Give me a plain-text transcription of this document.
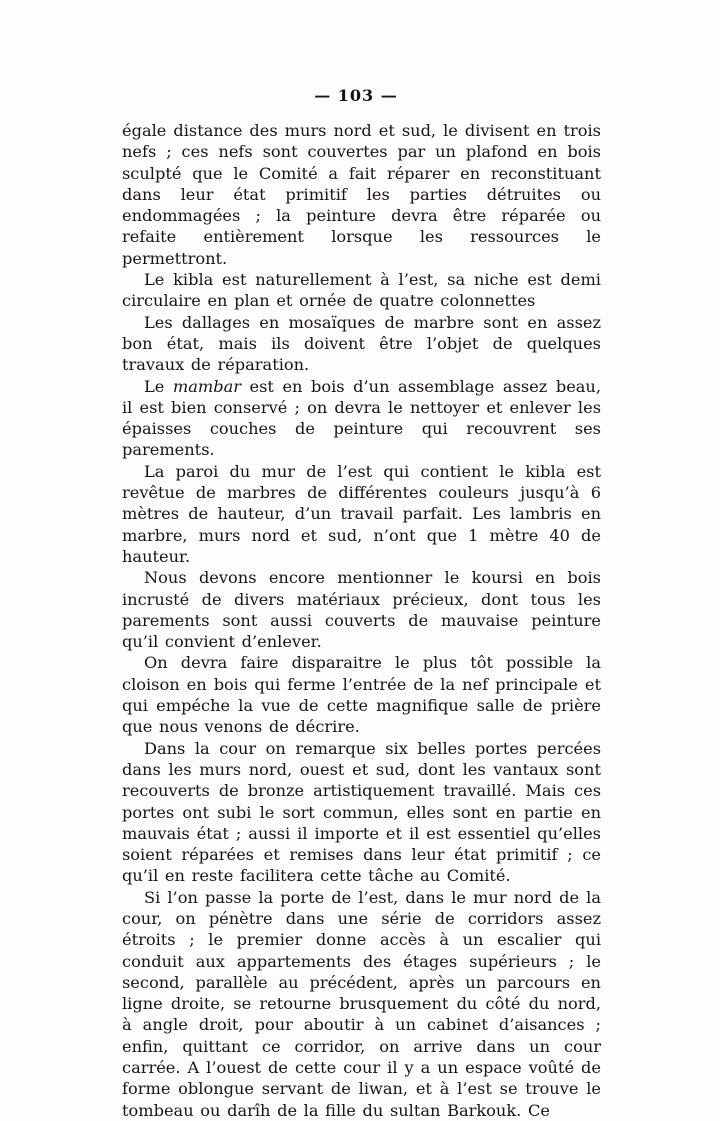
— 103 —

égale distance des murs nord et sud, le divisent en trois nefs ; ces nefs sont couvertes par un plafond en bois sculpté que le Comité a fait réparer en reconstituant dans leur état primitif les parties détruites ou endommagées ; la peinture devra être réparée ou refaite entièrement lorsque les ressources le permettront.

Le kibla est naturellement à l’est, sa niche est demi circulaire en plan et ornée de quatre colonnettes

Les dallages en mosaïques de marbre sont en assez bon état, mais ils doivent être l’objet de quelques travaux de réparation.

Le mambar est en bois d’un assemblage assez beau, il est bien conservé ; on devra le nettoyer et enlever les épaisses couches de peinture qui recouvrent ses parements.

La paroi du mur de l’est qui contient le kibla est revêtue de marbres de différentes couleurs jusqu’à 6 mètres de hauteur, d’un travail parfait. Les lambris en marbre, murs nord et sud, n’ont que 1 mètre 40 de hauteur.

Nous devons encore mentionner le koursi en bois incrusté de divers matériaux précieux, dont tous les parements sont aussi couverts de mauvaise peinture qu’il convient d’enlever.

On devra faire disparaitre le plus tôt possible la cloison en bois qui ferme l’entrée de la nef principale et qui empéche la vue de cette magnifique salle de prière que nous venons de décrire.

Dans la cour on remarque six belles portes percées dans les murs nord, ouest et sud, dont les vantaux sont recouverts de bronze artistiquement travaillé. Mais ces portes ont subi le sort commun, elles sont en partie en mauvais état ; aussi il importe et il est essentiel qu’elles soient réparées et remises dans leur état primitif ; ce qu’il en reste facilitera cette tâche au Comité.

Si l’on passe la porte de l’est, dans le mur nord de la cour, on pénètre dans une série de corridors assez étroits ; le premier donne accès à un escalier qui conduit aux appartements des étages supérieurs ; le second, parallèle au précédent, après un parcours en ligne droite, se retourne brusquement du côté du nord, à angle droit, pour aboutir à un cabinet d’aisances ; enfin, quittant ce corridor, on arrive dans un cour carrée. A l’ouest de cette cour il y a un espace voûté de forme oblongue servant de liwan, et à l’est se trouve le tombeau ou darîh de la fille du sultan Barkouk. Ce
